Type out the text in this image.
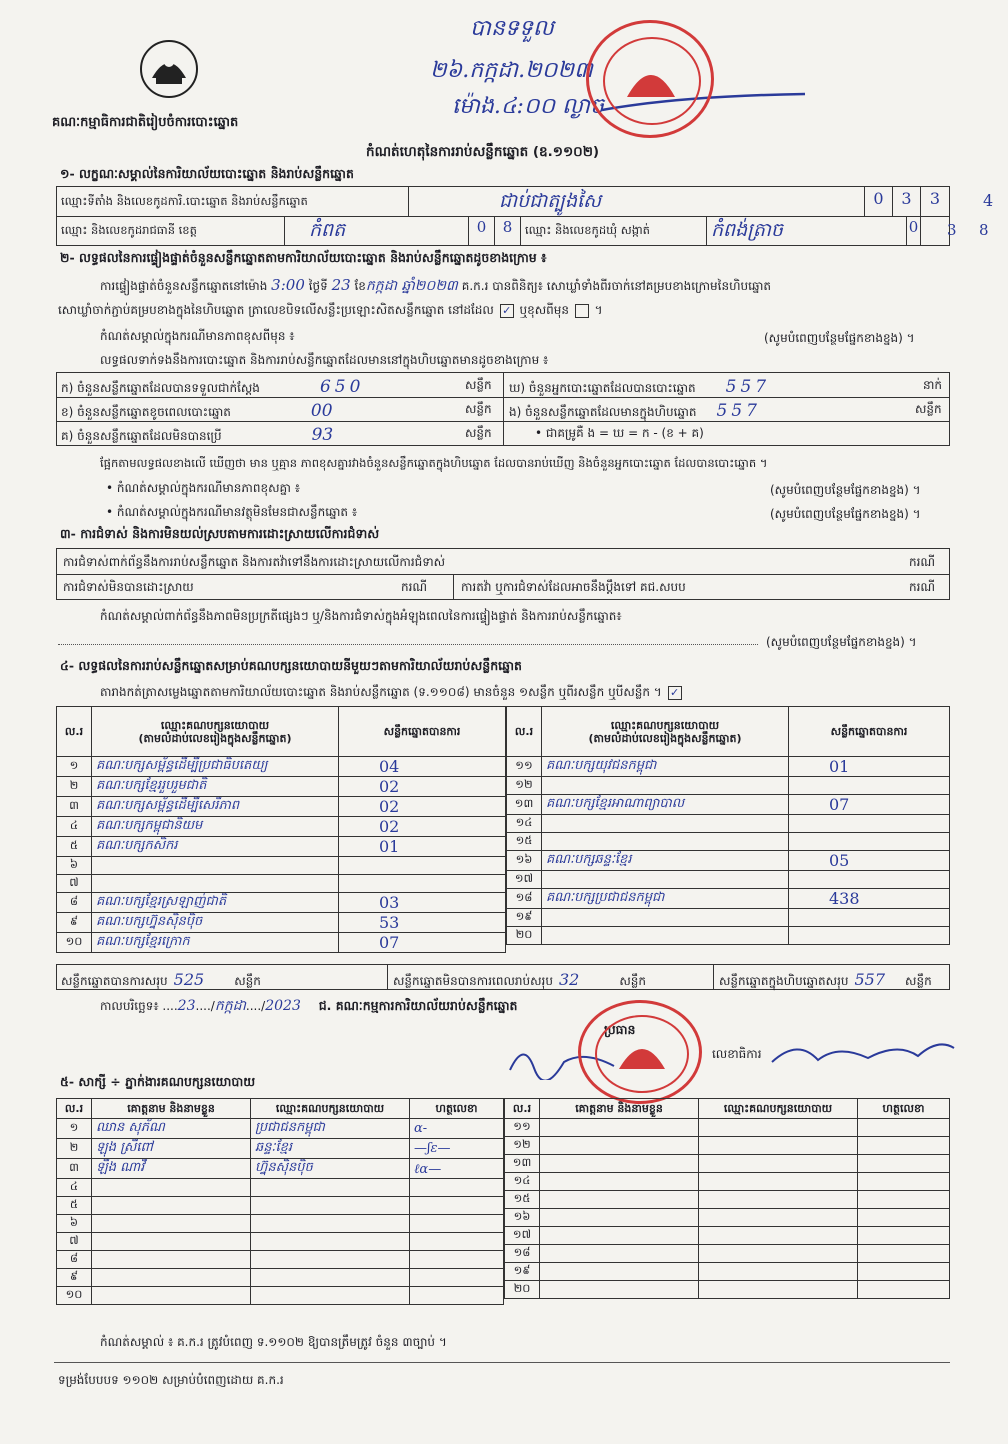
គណៈកម្មាធិការជាតិរៀបចំការបោះឆ្នោត
បានទទួល
២៦.កក្កដា.២០២៣
ម៉ោង.៤:០០ ល្ងាច
កំណត់ហេតុនៃការរាប់សន្លឹកឆ្នោត (ឧ.១១០២)
១- លក្ខណៈសម្គាល់នៃការិយាល័យបោះឆ្នោត និងរាប់សន្លឹកឆ្នោត
ឈ្មោះទីតាំង និងលេខកូដការិ.បោះឆ្នោត និងរាប់សន្លឹកឆ្នោត	ជាប់ជាត្បូងសៃ	0	3	3	4
ឈ្មោះ និងលេខកូដរាជធានី ខេត្ត	កំពត	0	8	ឈ្មោះ និងលេខកូដឃុំ សង្កាត់	កំពង់ត្រាច	0 3 8
២- លទ្ធផលនៃការផ្ទៀងផ្ទាត់ចំនួនសន្លឹកឆ្នោតតាមការិយាល័យបោះឆ្នោត និងរាប់សន្លឹកឆ្នោតដូចខាងក្រោម ៖
ការផ្ទៀងផ្ទាត់ចំនួនសន្លឹកឆ្នោតនៅម៉ោង 3:00 ថ្ងៃទី 23 ខែកក្កដា ឆ្នាំ២០២៣ គ.ក.រ បានពិនិត្យ៖ សោឃ្លាំទាំងពីរចាក់នៅគម្របខាងក្រោមនៃហិបឆ្នោត
សោឃ្លាំចាក់ភ្ជាប់គម្របខាងក្នុងនៃហិបឆ្នោត ត្រាលេខបិទលើសន្លឹះប្រឡោះសិតសន្លឹកឆ្នោត នៅដដែល ✓ ឬខុសពីមុន  ។
កំណត់សម្គាល់ក្នុងករណីមានភាពខុសពីមុន ៖	(សូមបំពេញបន្ថែមផ្នែកខាងខ្នង) ។
លទ្ធផលទាក់ទងនឹងការបោះឆ្នោត និងការរាប់សន្លឹកឆ្នោតដែលមាននៅក្នុងហិបឆ្នោតមានដូចខាងក្រោម ៖
ក) ចំនួនសន្លឹកឆ្នោតដែលបានទទួលជាក់ស្តែង	650	សន្លឹក
ខ) ចំនួនសន្លឹកឆ្នោតខូចពេលបោះឆ្នោត	00	សន្លឹក
គ) ចំនួនសន្លឹកឆ្នោតដែលមិនបានប្រើ	93	សន្លឹក
ឃ) ចំនួនអ្នកបោះឆ្នោតដែលបានបោះឆ្នោត 557	នាក់
ង) ចំនួនសន្លឹកឆ្នោតដែលមានក្នុងហិបឆ្នោត 557	សន្លឹក
• ជាគម្រូគឺ ង = ឃ = ក - (ខ + គ)
ផ្អែកតាមលទ្ធផលខាងលើ ឃើញថា មាន ឬគ្មាន ភាពខុសគ្នារវាងចំនួនសន្លឹកឆ្នោតក្នុងហិបឆ្នោត ដែលបានរាប់ឃើញ និងចំនួនអ្នកបោះឆ្នោត ដែលបានបោះឆ្នោត ។
• កំណត់សម្គាល់ក្នុងករណីមានភាពខុសគ្នា ៖	(សូមបំពេញបន្ថែមផ្នែកខាងខ្នង) ។
• កំណត់សម្គាល់ក្នុងករណីមានវត្ថុមិនមែនជាសន្លឹកឆ្នោត ៖	(សូមបំពេញបន្ថែមផ្នែកខាងខ្នង) ។
៣- ការជំទាស់ និងការមិនយល់ស្របតាមការដោះស្រាយលើការជំទាស់
ការជំទាស់ពាក់ព័ន្ធនឹងការរាប់សន្លឹកឆ្នោត និងការតវ៉ាទៅនឹងការដោះស្រាយលើការជំទាស់	ករណី
ការជំទាស់មិនបានដោះស្រាយ	ករណី	ការតវ៉ា ឬការជំទាស់ដែលអាចនឹងប្តឹងទៅ គជ.សបប	ករណី
កំណត់សម្គាល់ពាក់ព័ន្ធនឹងភាពមិនប្រក្រតីផ្សេងៗ ឬ/និងការជំទាស់ក្នុងអំឡុងពេលនៃការផ្ទៀងផ្ទាត់ និងការរាប់សន្លឹកឆ្នោត៖
(សូមបំពេញបន្ថែមផ្នែកខាងខ្នង) ។
៤- លទ្ធផលនៃការរាប់សន្លឹកឆ្នោតសម្រាប់គណបក្សនយោបាយនីមួយៗតាមការិយាល័យរាប់សន្លឹកឆ្នោត
តារាងកត់ត្រាសម្លេងឆ្នោតតាមការិយាល័យបោះឆ្នោត និងរាប់សន្លឹកឆ្នោត (ទ.១១០៨) មានចំនួន ១សន្លឹក ឬពីរសន្លឹក ឬបីសន្លឹក ។ ✓
ល.រ	ឈ្មោះគណបក្សនយោបាយ
(តាមលំដាប់លេខរៀងក្នុងសន្លឹកឆ្នោត)	សន្លឹកឆ្នោតបានការ
១	គណៈបក្សសម្ព័ន្ធដើម្បីប្រជាធិបតេយ្យ	04
២	គណៈបក្សខ្មែររួបរួមជាតិ	02
៣	គណៈបក្សសម្ព័ន្ធដើម្បីសេរីភាព	02
៤	គណៈបក្សកម្ពុជានិយម	02
៥	គណៈបក្សកសិករ	01
៦		
៧		
៨	គណៈបក្សខ្មែរស្រឡាញ់ជាតិ	03
៩	គណៈបក្សហ្វ៊ុនស៊ិនប៉ិច	53
១០	គណៈបក្សខ្មែរក្រោក	07
ល.រ	ឈ្មោះគណបក្សនយោបាយ
(តាមលំដាប់លេខរៀងក្នុងសន្លឹកឆ្នោត)	សន្លឹកឆ្នោតបានការ
១១	គណៈបក្សយុវជនកម្ពុជា	01
១២		
១៣	គណៈបក្សខ្មែរអាណាព្យាបាល	07
១៤		
១៥		
១៦	គណៈបក្សឆន្ទៈខ្មែរ	05
១៧		
១៨	គណៈបក្សប្រជាជនកម្ពុជា	438
១៩		
២០		
សន្លឹកឆ្នោតបានការសរុប 525	សន្លឹក	សន្លឹកឆ្នោតមិនបានការពេលរាប់សរុប 32	សន្លឹក	សន្លឹកឆ្នោតក្នុងហិបឆ្នោតសរុប 557 សន្លឹក
កាលបរិច្ឆេទ៖ ....23..../កក្កដា..../2023 ជ. គណៈកម្មការការិយាល័យរាប់សន្លឹកឆ្នោត
ប្រធាន
លេខាធិការ
៥- សាក្សី ÷ ភ្នាក់ងារគណបក្សនយោបាយ
ល.រ	គោត្តនាម និងនាមខ្លួន	ឈ្មោះគណបក្សនយោបាយ	ហត្ថលេខា
១	ឈាន សុភ័ណ	ប្រជាជនកម្ពុជា	ɑ-
២	ឡុង ស្រីពៅ	ឆន្ទៈខ្មែរ	—ʃɛ—
៣	ឡឹង ណាវី	ហ្វ៊ុនស៊ិនប៉ិច	ℓɑ—
៤			
៥			
៦			
៧			
៨			
៩			
១០			
ល.រ	គោត្តនាម និងនាមខ្លួន	ឈ្មោះគណបក្សនយោបាយ	ហត្ថលេខា
១១			
១២			
១៣			
១៤			
១៥			
១៦			
១៧			
១៨			
១៩			
២០			
កំណត់សម្គាល់ ៖ គ.ក.រ ត្រូវបំពេញ ទ.១១០២ ឱ្យបានត្រឹមត្រូវ ចំនួន ៣ច្បាប់ ។
ទម្រង់បែបបទ ១១០២ សម្រាប់បំពេញដោយ គ.ក.រ
